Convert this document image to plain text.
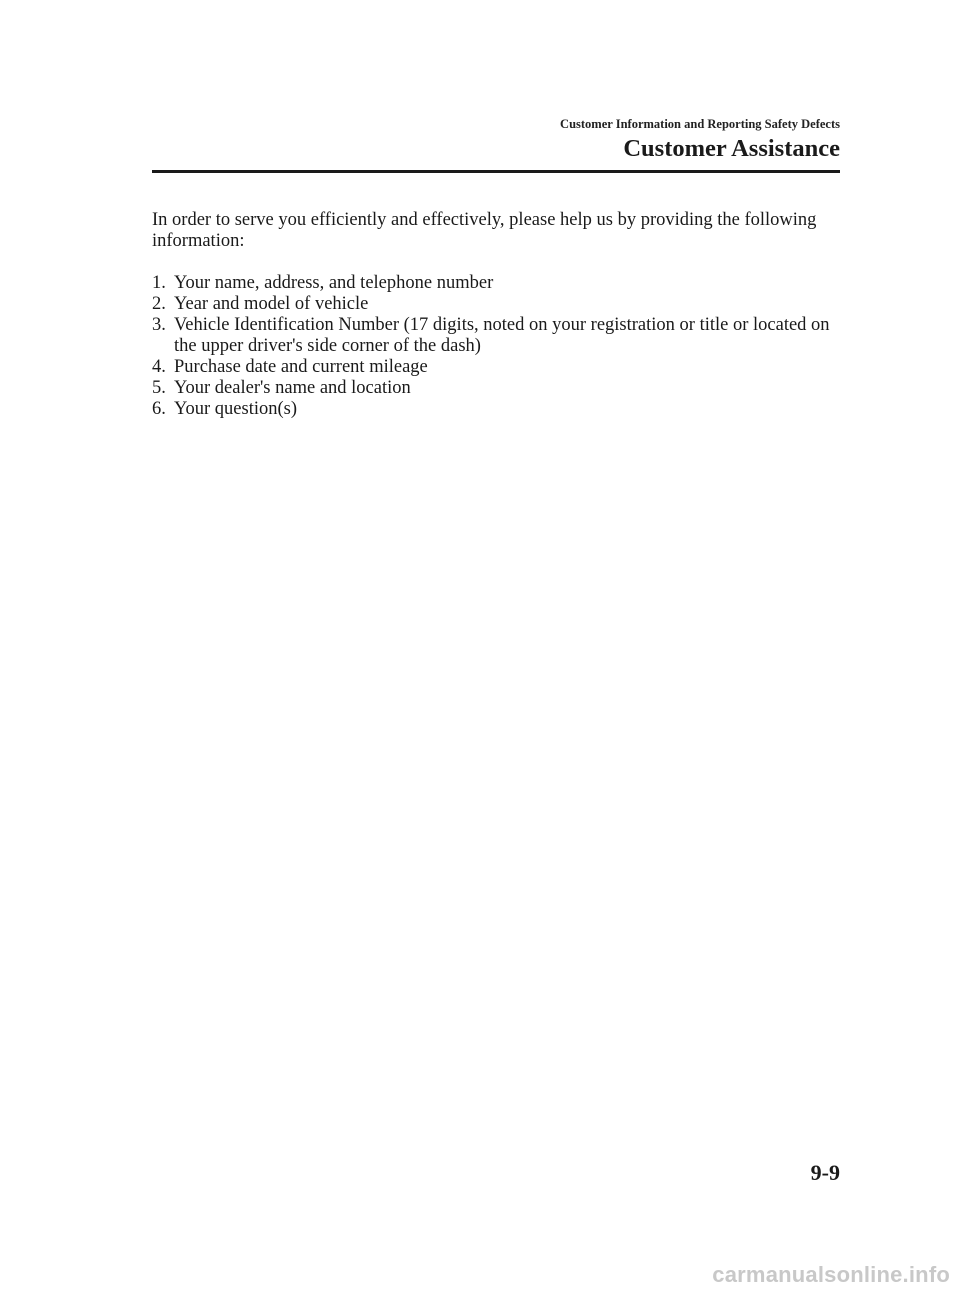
Customer Information and Reporting Safety Defects
Customer Assistance

In order to serve you efficiently and effectively, please help us by providing the following information:

1. Your name, address, and telephone number
2. Year and model of vehicle
3. Vehicle Identification Number (17 digits, noted on your registration or title or located on the upper driver's side corner of the dash)
4. Purchase date and current mileage
5. Your dealer's name and location
6. Your question(s)
9-9
carmanualsonline.info
